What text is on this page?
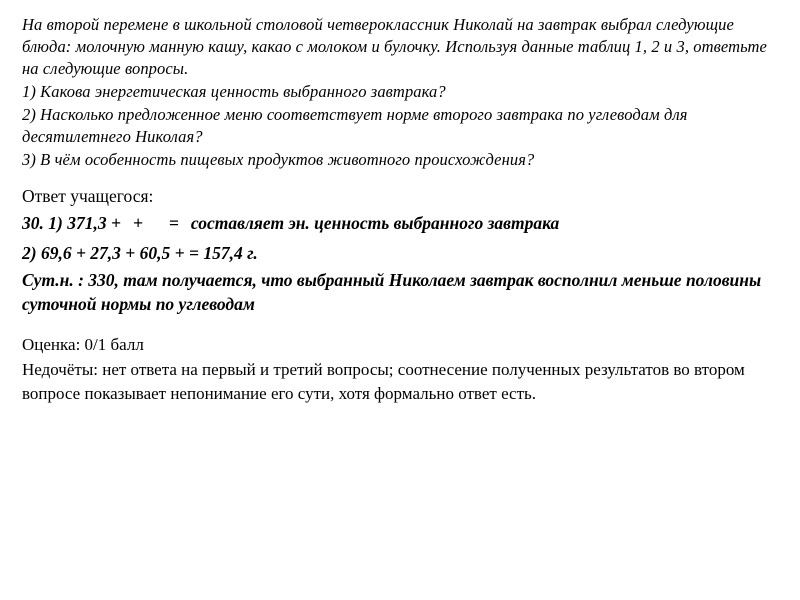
На второй перемене в школьной столовой четвероклассник Николай на завтрак выбрал следующие блюда: молочную манную кашу, какао с молоком и булочку. Используя данные таблиц 1, 2 и 3, ответьте на следующие вопросы.

1) Какова энергетическая ценность выбранного завтрака?

2) Насколько предложенное меню соответствует норме второго завтрака по углеводам для десятилетнего Николая?

3) В чём особенность пищевых продуктов животного происхождения?

Ответ учащегося:

30. 1) 371,3 + + = составляет эн. ценность выбранного завтрака

2) 69,6 + 27,3 + 60,5 + = 157,4 г.

Сут.н. : 330, там получается, что выбранный Николаем завтрак восполнил меньше половины суточной нормы по углеводам

Оценка: 0/1 балл

Недочёты: нет ответа на первый и третий вопросы; соотнесение полученных результатов во втором вопросе показывает непонимание его сути, хотя формально ответ есть.
